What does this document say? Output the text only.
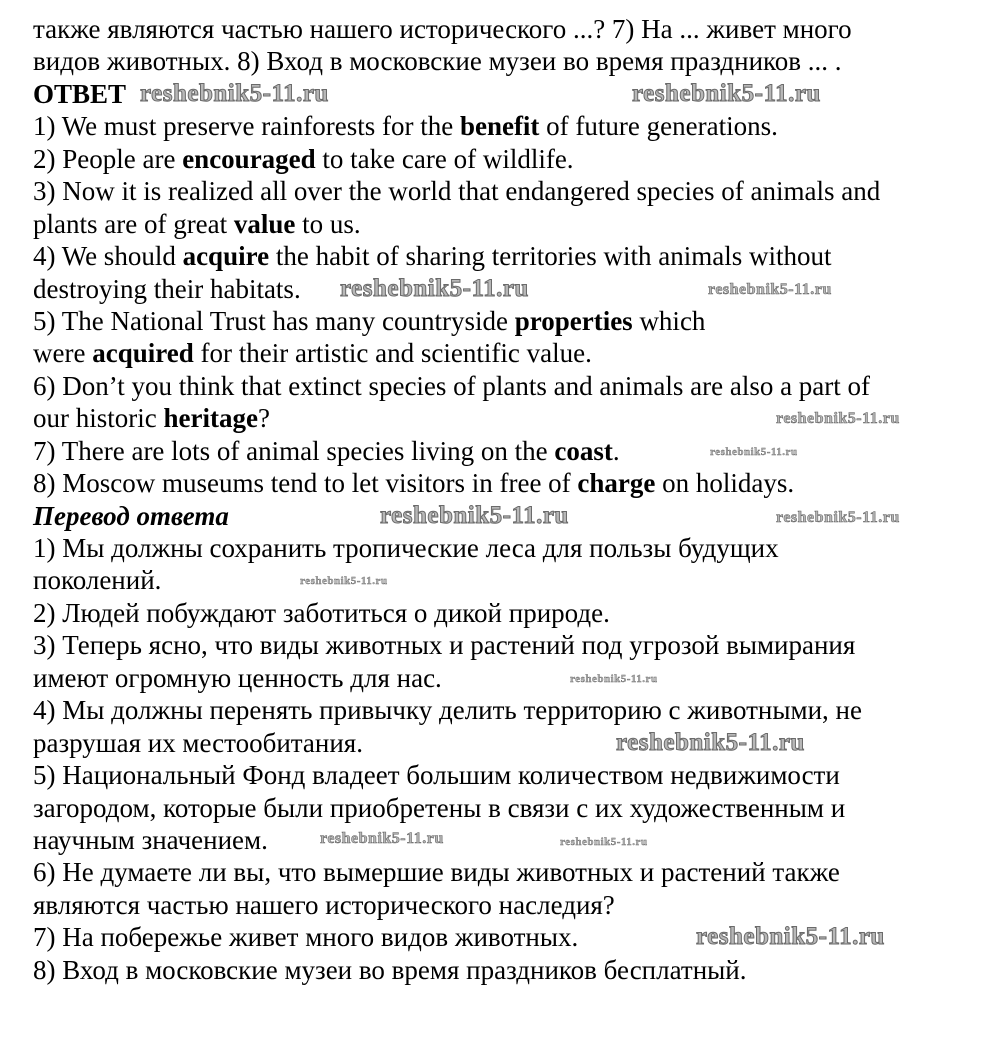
также являются частью нашего исторического ...? 7) На ... живет много
видов животных. 8) Вход в московские музеи во время праздников ... .
ОТВЕТ
1) We must preserve rainforests for the benefit of future generations.
2) People are encouraged to take care of wildlife.
3) Now it is realized all over the world that endangered species of animals and
plants are of great value to us.
4) We should acquire the habit of sharing territories with animals without
destroying their habitats.
5) The National Trust has many countryside properties which
were acquired for their artistic and scientific value.
6) Don’t you think that extinct species of plants and animals are also a part of
our historic heritage?
7) There are lots of animal species living on the coast.
8) Moscow museums tend to let visitors in free of charge on holidays.
Перевод ответа
1) Мы должны сохранить тропические леса для пользы будущих
поколений.
2) Людей побуждают заботиться о дикой природе.
3) Теперь ясно, что виды животных и растений под угрозой вымирания
имеют огромную ценность для нас.
4) Мы должны перенять привычку делить территорию с животными, не
разрушая их местообитания.
5) Национальный Фонд владеет большим количеством недвижимости
загородом, которые были приобретены в связи с их художественным и
научным значением.
6) Не думаете ли вы, что вымершие виды животных и растений также
являются частью нашего исторического наследия?
7) На побережье живет много видов животных.
8) Вход в московские музеи во время праздников бесплатный.
reshebnik5-11.ru	reshebnik5-11.ru
reshebnik5-11.ru	reshebnik5-11.ru
reshebnik5-11.ru
reshebnik5-11.ru
reshebnik5-11.ru	reshebnik5-11.ru
reshebnik5-11.ru
reshebnik5-11.ru
reshebnik5-11.ru
reshebnik5-11.ru	reshebnik5-11.ru
reshebnik5-11.ru
